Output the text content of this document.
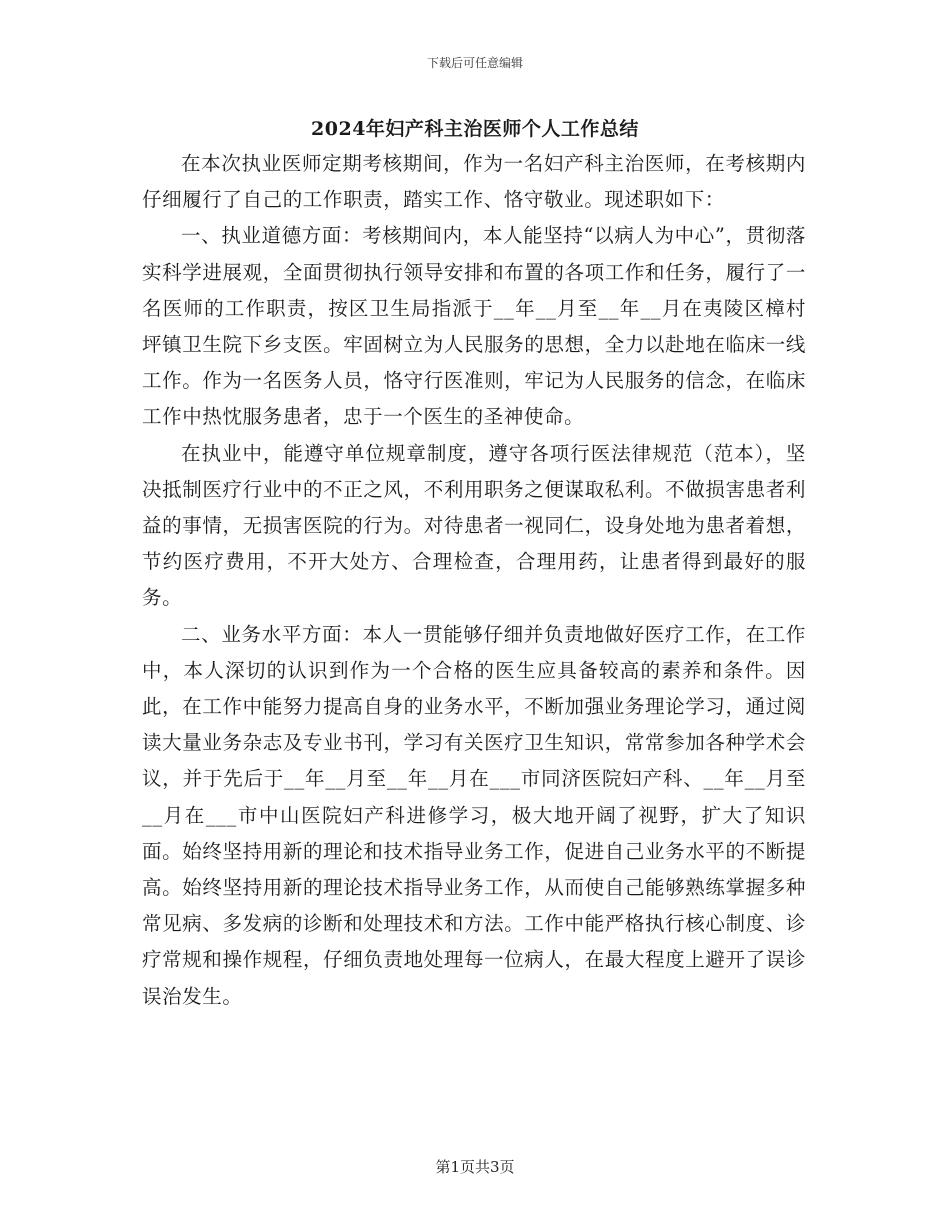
下载后可任意编辑
2024年妇产科主治医师个人工作总结

在本次执业医师定期考核期间，作为一名妇产科主治医师，在考核期内仔细履行了自己的工作职责，踏实工作、恪守敬业。现述职如下：

一、执业道德方面：考核期间内，本人能坚持“以病人为中心”，贯彻落实科学进展观，全面贯彻执行领导安排和布置的各项工作和任务，履行了一名医师的工作职责，按区卫生局指派于__年__月至__年__月在夷陵区樟村坪镇卫生院下乡支医。牢固树立为人民服务的思想，全力以赴地在临床一线工作。作为一名医务人员，恪守行医准则，牢记为人民服务的信念，在临床工作中热忱服务患者，忠于一个医生的圣神使命。

在执业中，能遵守单位规章制度，遵守各项行医法律规范（范本），坚决抵制医疗行业中的不正之风，不利用职务之便谋取私利。不做损害患者利益的事情，无损害医院的行为。对待患者一视同仁，设身处地为患者着想，节约医疗费用，不开大处方、合理检查，合理用药，让患者得到最好的服务。

二、业务水平方面：本人一贯能够仔细并负责地做好医疗工作，在工作中，本人深切的认识到作为一个合格的医生应具备较高的素养和条件。因此，在工作中能努力提高自身的业务水平，不断加强业务理论学习，通过阅读大量业务杂志及专业书刊，学习有关医疗卫生知识，常常参加各种学术会议，并于先后于__年__月至__年__月在___市同济医院妇产科、__年__月至__月在___市中山医院妇产科进修学习，极大地开阔了视野，扩大了知识面。始终坚持用新的理论和技术指导业务工作，促进自己业务水平的不断提高。始终坚持用新的理论技术指导业务工作，从而使自己能够熟练掌握多种常见病、多发病的诊断和处理技术和方法。工作中能严格执行核心制度、诊疗常规和操作规程，仔细负责地处理每一位病人，在最大程度上避开了误诊误治发生。

第1页共3页
